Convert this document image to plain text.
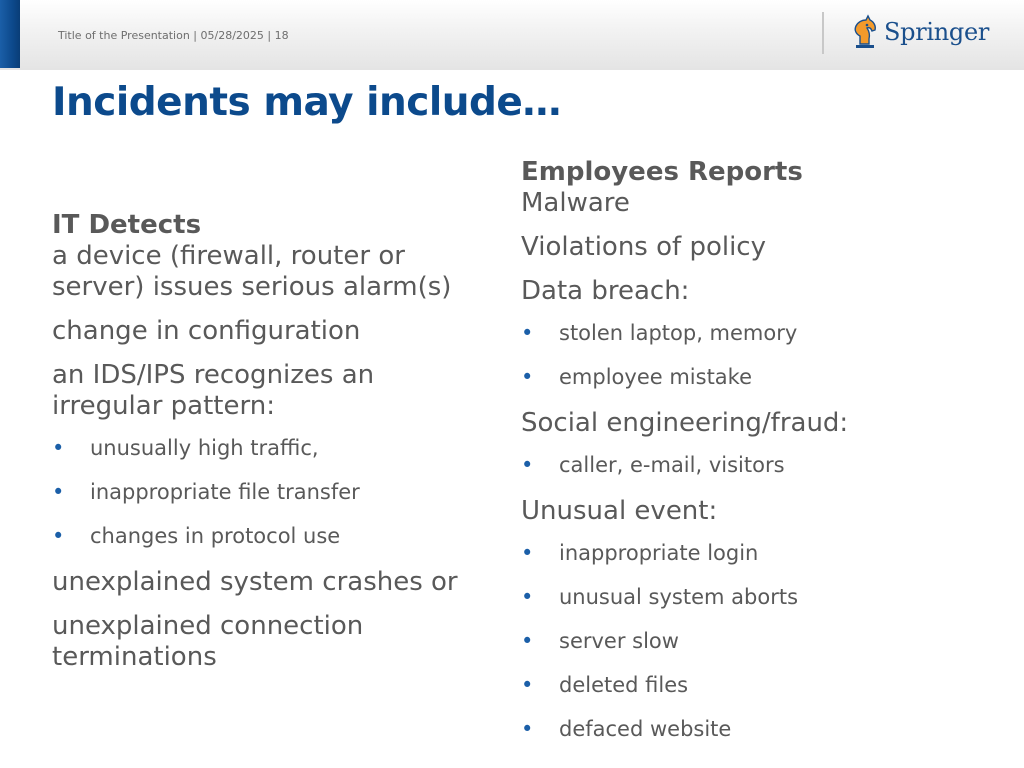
Title of the Presentation | 05/28/2025 | 18	Springer
Incidents may include…
IT Detects
a device (firewall, router or server) issues serious alarm(s)
change in configuration
an IDS/IPS recognizes an irregular pattern:
• unusually high traffic,
• inappropriate file transfer
• changes in protocol use
unexplained system crashes or
unexplained connection terminations
Employees Reports
Malware
Violations of policy
Data breach:
• stolen laptop, memory
• employee mistake
Social engineering/fraud:
• caller, e-mail, visitors
Unusual event:
• inappropriate login
• unusual system aborts
• server slow
• deleted files
• defaced website
